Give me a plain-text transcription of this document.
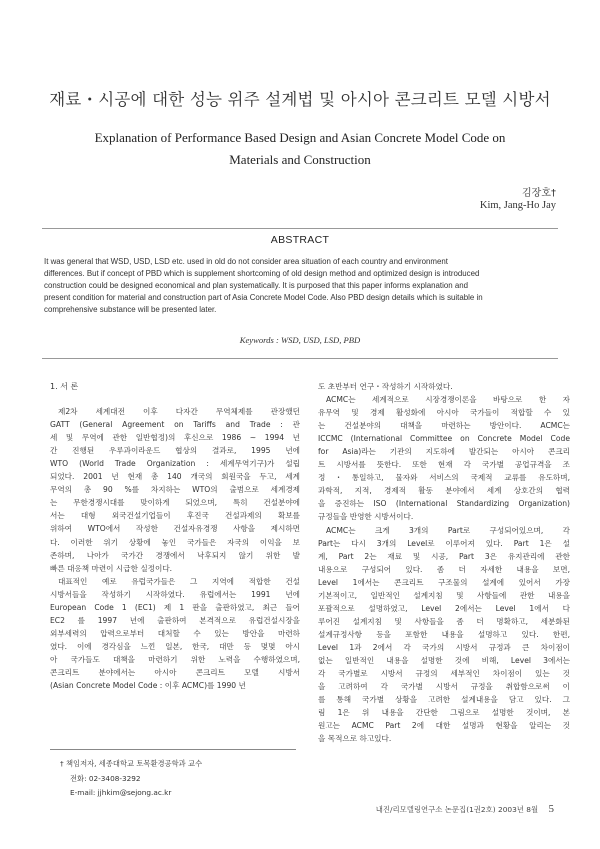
재료・시공에 대한 성능 위주 설계법 및 아시아 콘크리트 모델 시방서
Explanation of Performance Based Design and Asian Concrete Model Code on
Materials and Construction
김장호†
Kim, Jang-Ho Jay
ABSTRACT
It was general that WSD, USD, LSD etc. used in old do not consider area situation of each country and environment
differences. But if concept of PBD which is supplement shortcoming of old design method and optimized design is introduced
construction could be designed economical and plan systematically. It is purposed that this paper informs explanation and
present condition for material and construction part of Asia Concrete Model Code. Also PBD design details which is suitable in
comprehensive substance will be presented later.
Keywords : WSD, USD, LSD, PBD
1. 서 론
제2차 세계대전 이후 다자간 무역체제를 관장했던
GATT (General Agreement on Tariffs and Trade : 관
세 및 무역에 관한 일반협정)의 후신으로 1986 ~ 1994 년
간 진행된 우루과이라운드 협상의 결과로, 1995 년에
WTO (World Trade Organization : 세계무역기구)가 설립
되었다. 2001 년 현재 총 140 개국의 회원국을 두고, 세계
무역의 총 90 %를 차지하는 WTO의 출범으로 세계경제
는 무한경쟁시대를 맞이하게 되었으며, 특히 건설분야에
서는 대형 외국건설기업들이 후진국 건설과제의 확보를
위하여 WTO에서 작성한 건설자유경쟁 사항을 제시하면
다. 이러한 위기 상황에 놓인 국가들은 자국의 이익을 보
존하며, 나아가 국가간 경쟁에서 낙후되지 않기 위한 발
빠른 대응책 마련이 시급한 실정이다.
대표적인 예로 유럽국가들은 그 지역에 적합한 건설
시방서들을 작성하기 시작하였다. 유럽에서는 1991 년에
European Code 1 (EC1) 제 1 판을 출판하였고, 최근 들어
EC2 를 1997 년에 출판하여 본격적으로 유럽건설시장을
외부세력의 압력으로부터 대처할 수 있는 방안을 마련하
였다. 이에 경각심을 느낀 일본, 한국, 대만 등 몇몇 아시
아 국가들도 대책을 마련하기 위한 노력을 수행하였으며,
콘크리트 분야에서는 아시아 콘크리트 모델 시방서
(Asian Concrete Model Code : 이후 ACMC)를 1990 년
도 초반부터 연구・작성하기 시작하였다.
ACMC는 세계적으로 시장경쟁이론을 바탕으로 한 자
유무역 및 경제 활성화에 아시아 국가들이 적합할 수 있
는 건설분야의 대책을 마련하는 방안이다. ACMC는
ICCMC (International Committee on Concrete Model Code
for Asia)라는 기관의 지도하에 발간되는 아시아 콘크리
트 시방서를 뜻한다. 또한 현재 각 국가별 공업규격을 조
정・통일하고, 물자와 서비스의 국제적 교류를 유도하며,
과학적, 지적, 경제적 활동 분야에서 세계 상호간의 협력
을 증진하는 ISO (International Standardizing Organization)
규정들을 반영한 시방서이다.
ACMC는 크게 3개의 Part로 구성되어있으며, 각
Part는 다시 3개의 Level로 이루어져 있다. Part 1은 설
계, Part 2는 재료 및 시공, Part 3은 유지관리에 관한
내용으로 구성되어 있다. 좀 더 자세한 내용을 보면,
Level 1에서는 콘크리트 구조물의 설계에 있어서 가장
기본적이고, 일반적인 설계지침 및 사항들에 관한 내용을
포괄적으로 설명하였고, Level 2에서는 Level 1에서 다
루어진 설계지침 및 사항들을 좀 더 명확하고, 세분화된
설계규정사항 등을 포함한 내용을 설명하고 있다. 한편,
Level 1과 2에서 각 국가의 시방서 규정과 큰 차이점이
없는 일반적인 내용을 설명한 것에 비해, Level 3에서는
각 국가별로 시방서 규정의 세부적인 차이점이 있는 것
을 고려하여 각 국가별 시방서 규정을 취합함으로써 이
를 통해 국가별 상황을 고려한 설계내용을 담고 있다. 그
림 1은 위 내용을 간단한 그림으로 설명한 것이며, 본
원고는 ACMC Part 2에 대한 설명과 현황을 알리는 것
을 목적으로 하고있다.
† 책임저자, 세종대학교 토목환경공학과 교수
전화: 02-3408-3292
E-mail: jjhkim@sejong.ac.kr
내진/리모델링연구소 논문집(1권2호) 2003년 8월 5
